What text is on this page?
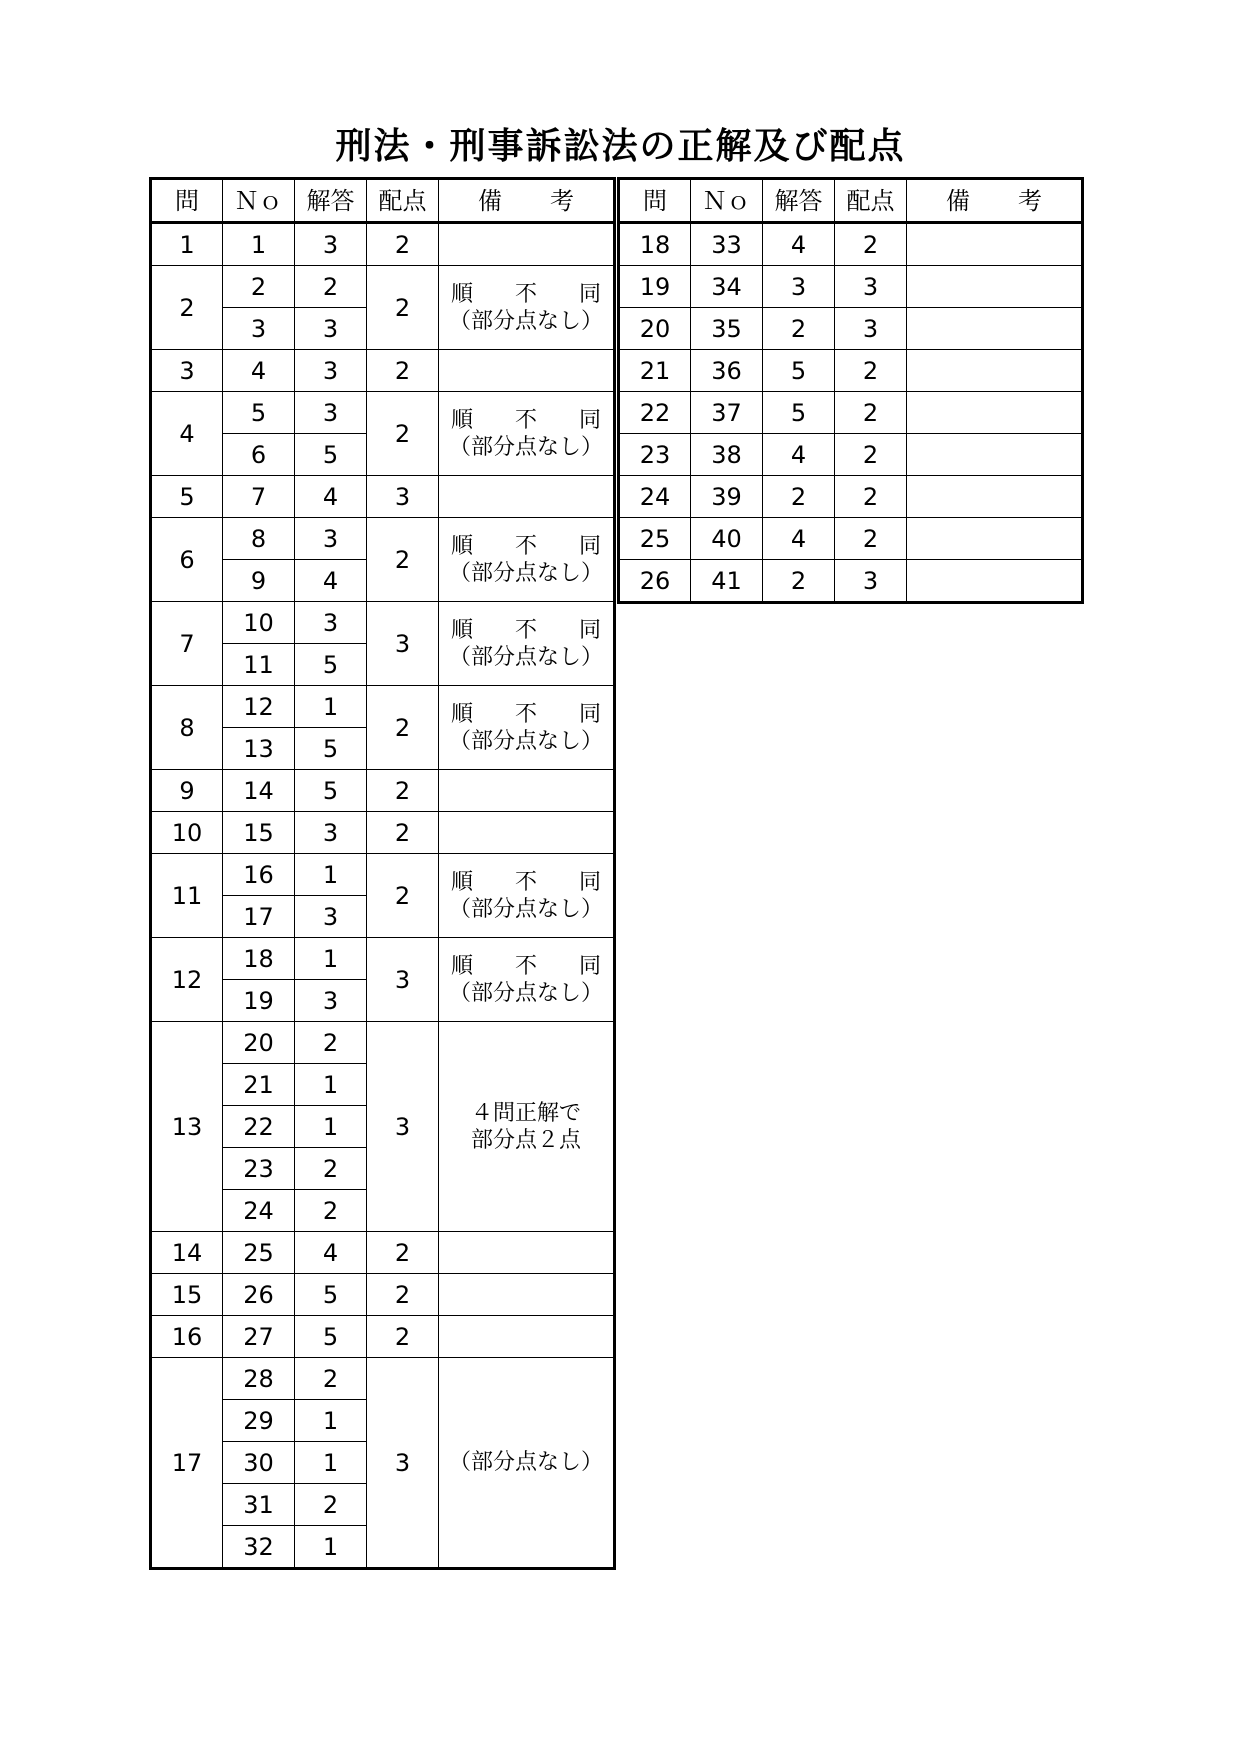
刑法・刑事訴訟法の正解及び配点
問	Ｎｏ	解答	配点	備　　考
1	1	3	2	
2	2	2	2	順　不　同
（部分点なし）

	3	3		
3	4	3	2	
4	5	3	2	順　不　同
（部分点なし）

	6	5		
5	7	4	3	
6	8	3	2	順　不　同
（部分点なし）

	9	4		
7	10	3	3	順　不　同
（部分点なし）

	11	5		
8	12	1	2	順　不　同
（部分点なし）

	13	5		
9	14	5	2	
10	15	3	2	
11	16	1	2	順　不　同
（部分点なし）

	17	3		
12	18	1	3	順　不　同
（部分点なし）

	19	3		
13	20	2	3	４問正解で
部分点２点

	21	1		
	22	1		
	23	2		
	24	2		
14	25	4	2	
15	26	5	2	
16	27	5	2	
17	28	2	3	（部分点なし）

	29	1		
	30	1		
	31	2		
	32	1		
問	Ｎｏ	解答	配点	備　　考
18	33	4	2	
19	34	3	3	
20	35	2	3	
21	36	5	2	
22	37	5	2	
23	38	4	2	
24	39	2	2	
25	40	4	2	
26	41	2	3	
